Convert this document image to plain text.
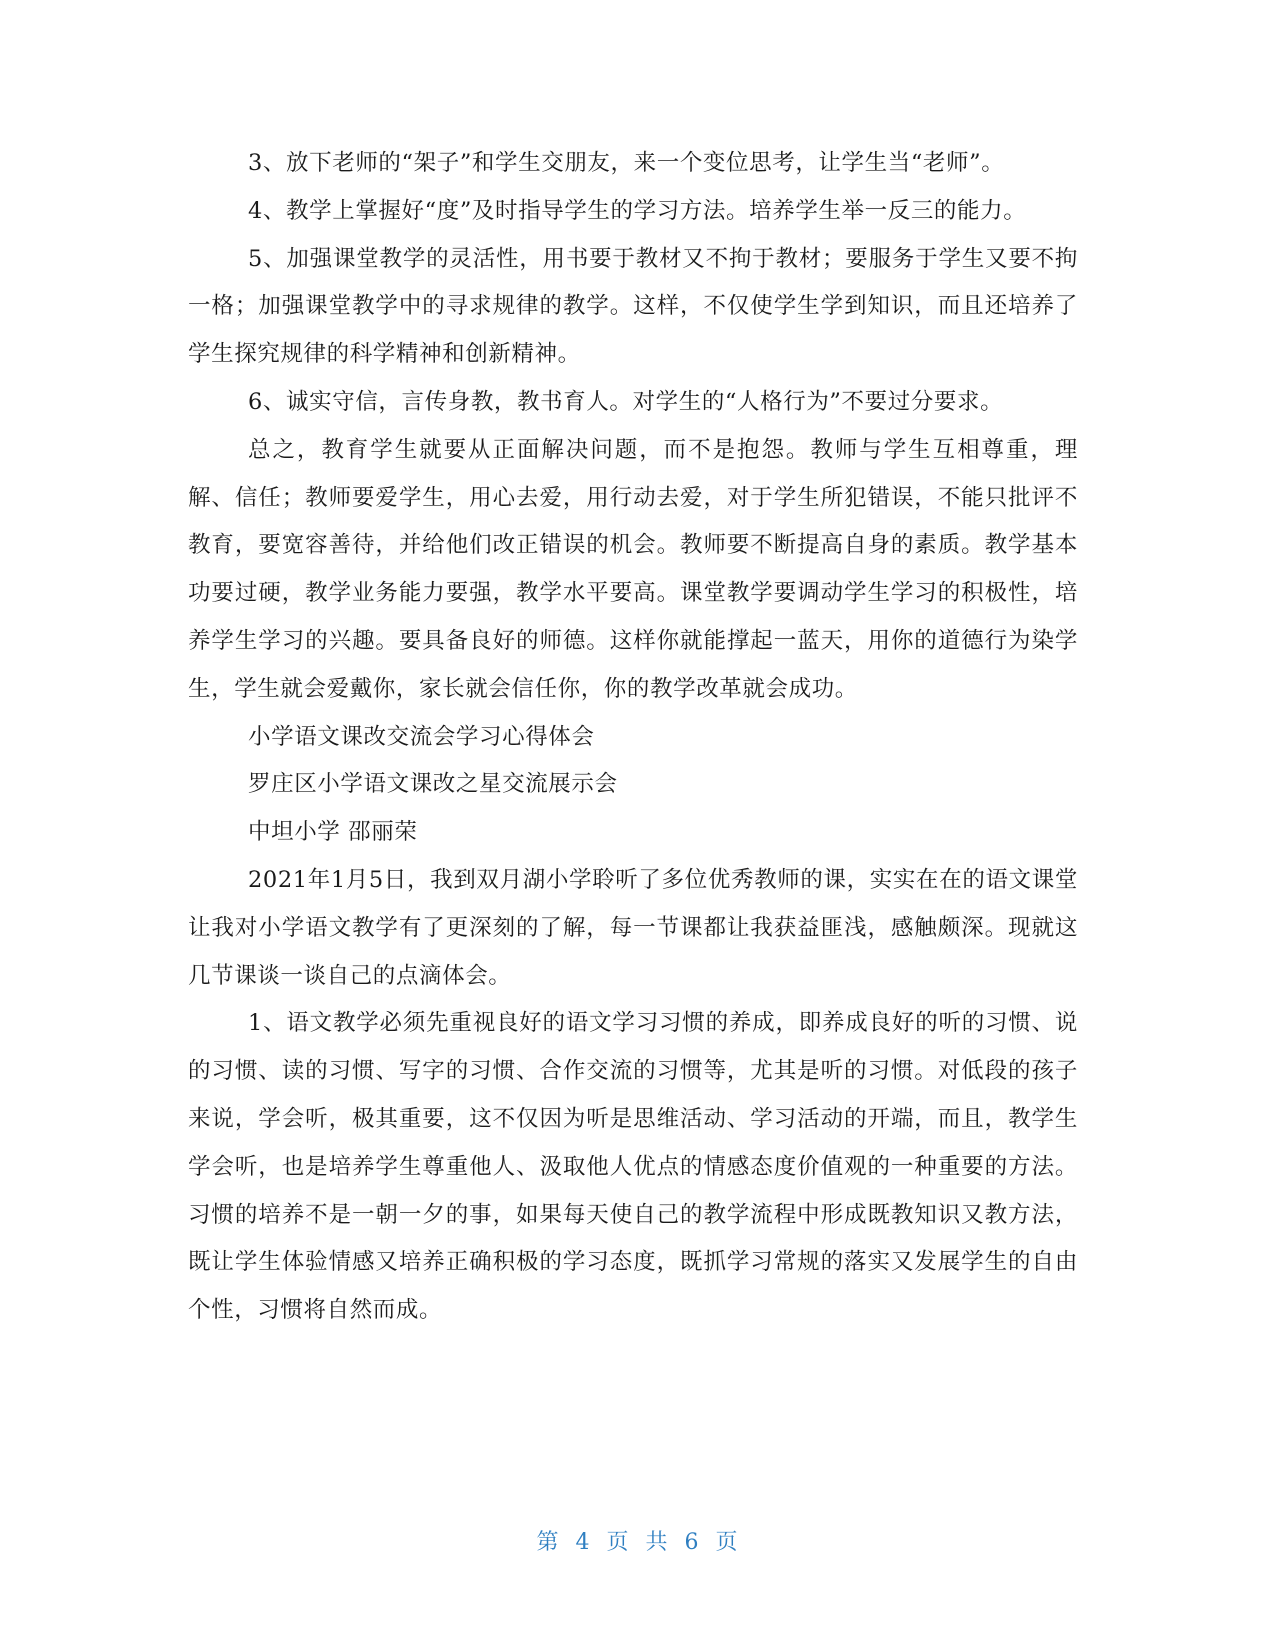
3、放下老师的“架子”和学生交朋友，来一个变位思考，让学生当“老师”。

4、教学上掌握好“度”及时指导学生的学习方法。培养学生举一反三的能力。

5、加强课堂教学的灵活性，用书要于教材又不拘于教材；要服务于学生又要不拘一格；加强课堂教学中的寻求规律的教学。这样，不仅使学生学到知识，而且还培养了学生探究规律的科学精神和创新精神。

6、诚实守信，言传身教，教书育人。对学生的“人格行为”不要过分要求。

总之，教育学生就要从正面解决问题，而不是抱怨。教师与学生互相尊重，理解、信任；教师要爱学生，用心去爱，用行动去爱，对于学生所犯错误，不能只批评不教育，要宽容善待，并给他们改正错误的机会。教师要不断提高自身的素质。教学基本功要过硬，教学业务能力要强，教学水平要高。课堂教学要调动学生学习的积极性，培养学生学习的兴趣。要具备良好的师德。这样你就能撑起一蓝天，用你的道德行为染学生，学生就会爱戴你，家长就会信任你，你的教学改革就会成功。

小学语文课改交流会学习心得体会

罗庄区小学语文课改之星交流展示会

中坦小学 邵丽荣

2021年1月5日，我到双月湖小学聆听了多位优秀教师的课，实实在在的语文课堂让我对小学语文教学有了更深刻的了解，每一节课都让我获益匪浅，感触颇深。现就这几节课谈一谈自己的点滴体会。

1、语文教学必须先重视良好的语文学习习惯的养成，即养成良好的听的习惯、说的习惯、读的习惯、写字的习惯、合作交流的习惯等，尤其是听的习惯。对低段的孩子来说，学会听，极其重要，这不仅因为听是思维活动、学习活动的开端，而且，教学生学会听，也是培养学生尊重他人、汲取他人优点的情感态度价值观的一种重要的方法。习惯的培养不是一朝一夕的事，如果每天使自己的教学流程中形成既教知识又教方法，既让学生体验情感又培养正确积极的学习态度，既抓学习常规的落实又发展学生的自由个性，习惯将自然而成。

第 4 页 共 6 页
